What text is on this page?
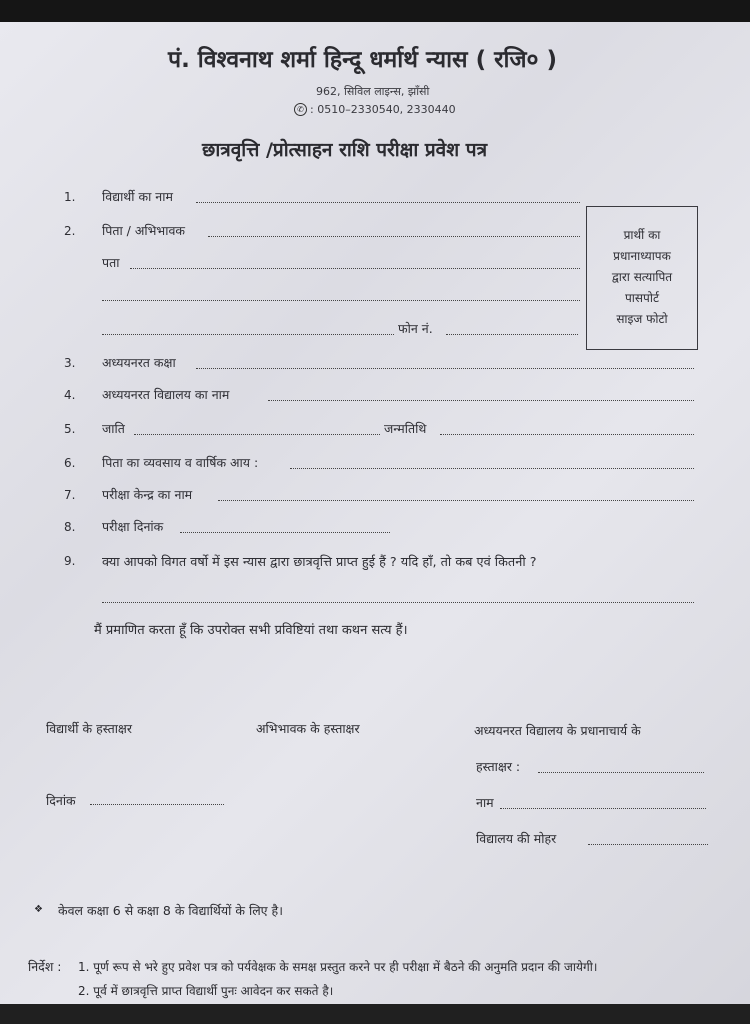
पं. विश्वनाथ शर्मा हिन्दू धर्मार्थ न्यास ( रजि० )
962, सिविल लाइन्स, झाँसी
✆ : 0510–2330540, 2330440
छात्रवृत्ति /प्रोत्साहन राशि परीक्षा प्रवेश पत्र
प्रार्थी का
प्रधानाध्यापक
द्वारा सत्यापित
पासपोर्ट
साइज फोटो
1. विद्यार्थी का नाम
2. पिता / अभिभावक
पता
फोन नं.
3. अध्ययनरत कक्षा
4. अध्ययनरत विद्यालय का नाम
5. जाति	जन्मतिथि
6. पिता का व्यवसाय व वार्षिक आय :
7. परीक्षा केन्द्र का नाम
8. परीक्षा दिनांक
9. क्या आपको विगत वर्षो में इस न्यास द्वारा छात्रवृत्ति प्राप्त हुई हैं ? यदि हाँ, तो कब एवं कितनी ?
मैं प्रमाणित करता हूँ कि उपरोक्त सभी प्रविष्टियां तथा कथन सत्य हैं।
विद्यार्थी के हस्ताक्षर	अभिभावक के हस्ताक्षर	अध्ययनरत विद्यालय के प्रधानाचार्य के
हस्ताक्षर :
दिनांक	नाम
विद्यालय की मोहर
❖ केवल कक्षा 6 से कक्षा 8 के विद्यार्थियों के लिए है।
निर्देश : 1. पूर्ण रूप से भरे हुए प्रवेश पत्र को पर्यवेक्षक के समक्ष प्रस्तुत करने पर ही परीक्षा में बैठने की अनुमति प्रदान की जायेगी।
2. पूर्व में छात्रवृत्ति प्राप्त विद्यार्थी पुनः आवेदन कर सकते है।
